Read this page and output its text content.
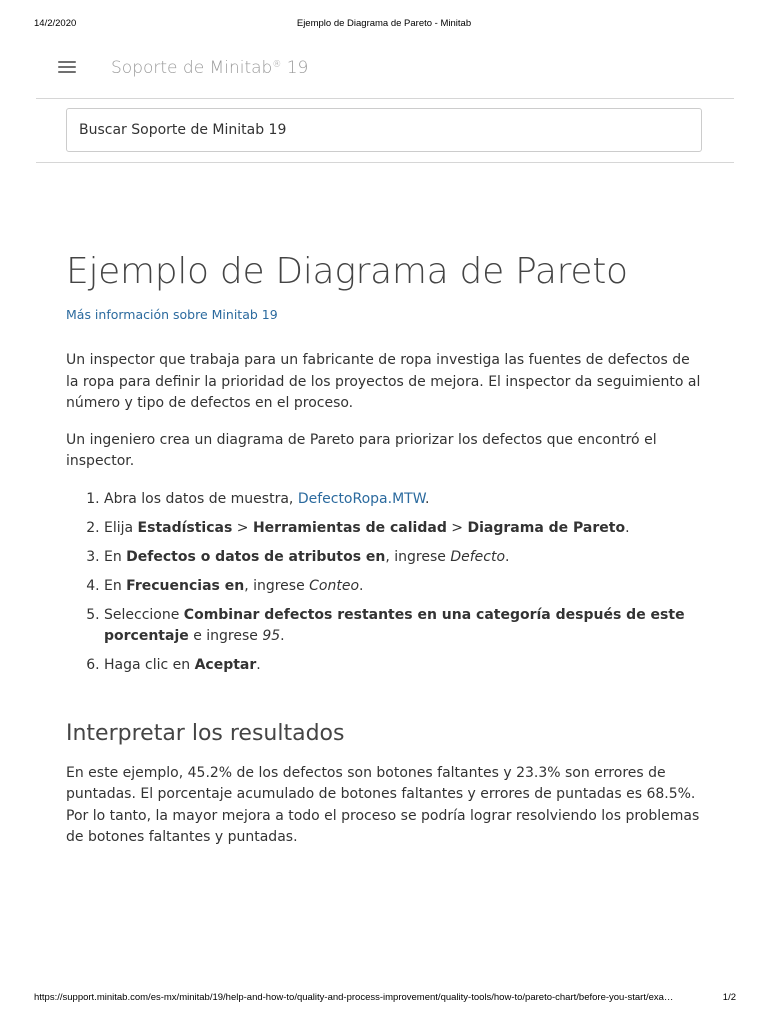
14/2/2020	Ejemplo de Diagrama de Pareto - Minitab
Soporte de Minitab® 19
Buscar Soporte de Minitab 19
Ejemplo de Diagrama de Pareto
Más información sobre Minitab 19

Un inspector que trabaja para un fabricante de ropa investiga las fuentes de defectos de la ropa para definir la prioridad de los proyectos de mejora. El inspector da seguimiento al número y tipo de defectos en el proceso.

Un ingeniero crea un diagrama de Pareto para priorizar los defectos que encontró el inspector.

1. Abra los datos de muestra, DefectoRopa.MTW.
2. Elija Estadísticas > Herramientas de calidad > Diagrama de Pareto.
3. En Defectos o datos de atributos en, ingrese Defecto.
4. En Frecuencias en, ingrese Conteo.
5. Seleccione Combinar defectos restantes en una categoría después de este porcentaje e ingrese 95.
6. Haga clic en Aceptar.
Interpretar los resultados

En este ejemplo, 45.2% de los defectos son botones faltantes y 23.3% son errores de puntadas. El porcentaje acumulado de botones faltantes y errores de puntadas es 68.5%. Por lo tanto, la mayor mejora a todo el proceso se podría lograr resolviendo los problemas de botones faltantes y puntadas.

https://support.minitab.com/es-mx/minitab/19/help-and-how-to/quality-and-process-improvement/quality-tools/how-to/pareto-chart/before-you-start/exa…	1/2
